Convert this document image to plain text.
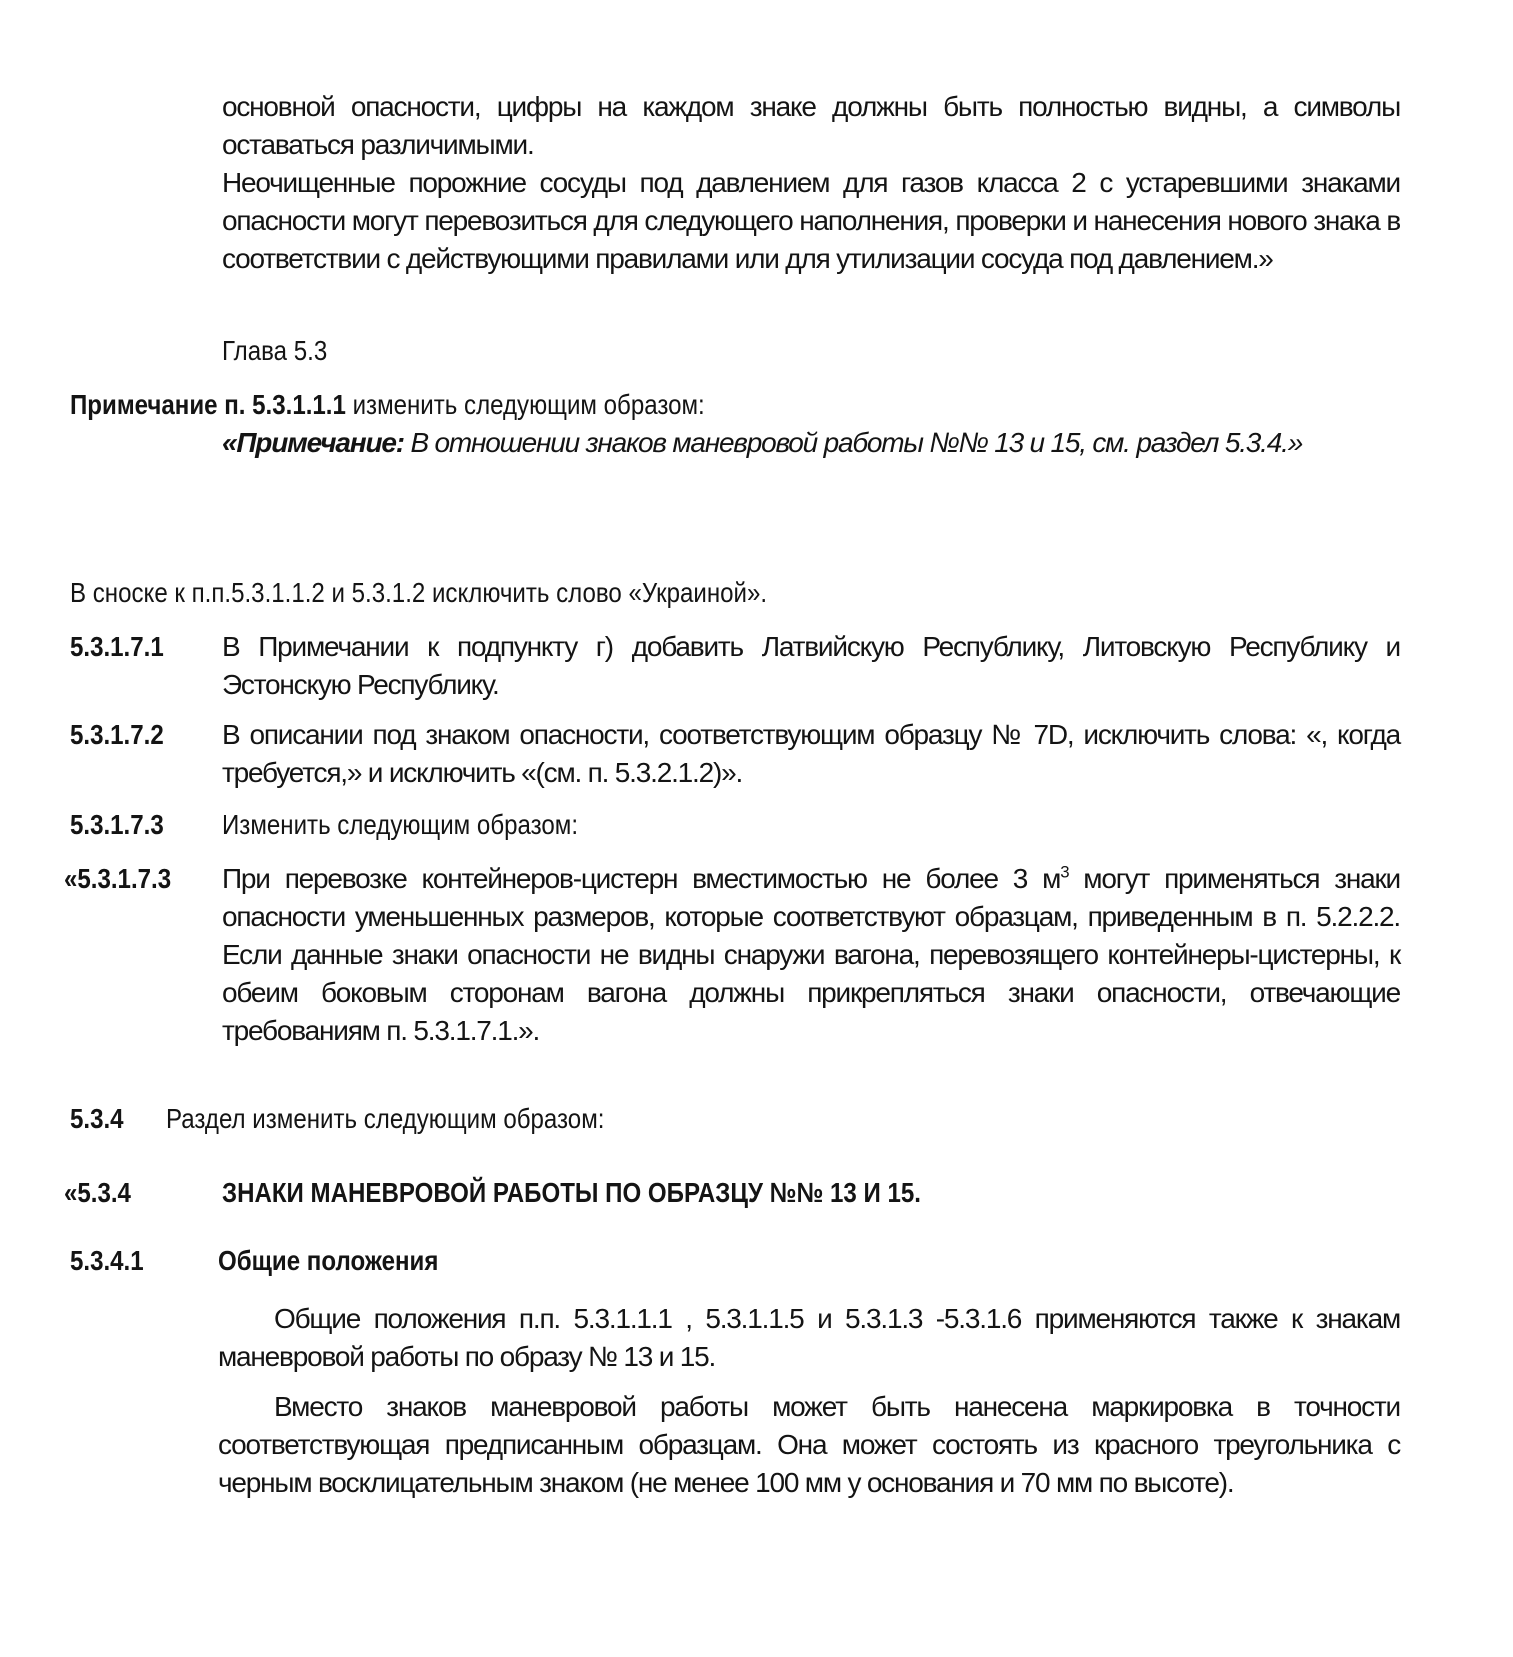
основной опасности, цифры на каждом знаке должны быть полностью видны, а символы оставаться различимыми.

Неочищенные порожние сосуды под давлением для газов класса 2 с устаревшими знаками опасности могут перевозиться для следующего наполнения, проверки и нанесения нового знака в соответствии с действующими правилами или для утилизации сосуда под давлением.»

Глава 5.3

Примечание п. 5.3.1.1.1 изменить следующим образом:

«Примечание: В отношении знаков маневровой работы №№ 13 и 15, см. раздел 5.3.4.»

В сноске к п.п.5.3.1.1.2 и 5.3.1.2 исключить слово «Украиной».

5.3.1.7.1 В Примечании к подпункту г) добавить Латвийскую Республику, Литовскую Республику и Эстонскую Республику.

5.3.1.7.2 В описании под знаком опасности, соответствующим образцу № 7D, исключить слова: «, когда требуется,» и исключить «(см. п. 5.3.2.1.2)».

5.3.1.7.3 Изменить следующим образом:

«5.3.1.7.3 При перевозке контейнеров-цистерн вместимостью не более 3 $м^3$ могут применяться знаки опасности уменьшенных размеров, которые соответствуют образцам, приведенным в п. 5.2.2.2. Если данные знаки опасности не видны снаружи вагона, перевозящего контейнеры-цистерны, к обеим боковым сторонам вагона должны прикрепляться знаки опасности, отвечающие требованиям п. 5.3.1.7.1.».

5.3.4 Раздел изменить следующим образом:

«5.3.4	ЗНАКИ МАНЕВРОВОЙ РАБОТЫ ПО ОБРАЗЦУ №№ 13 И 15.

5.3.4.1	Общие положения

Общие положения п.п. 5.3.1.1.1 , 5.3.1.1.5 и 5.3.1.3 -5.3.1.6 применяются также к знакам маневровой работы по образу № 13 и 15.

Вместо знаков маневровой работы может быть нанесена маркировка в точности соответствующая предписанным образцам. Она может состоять из красного треугольника с черным восклицательным знаком (не менее 100 мм у основания и 70 мм по высоте).
